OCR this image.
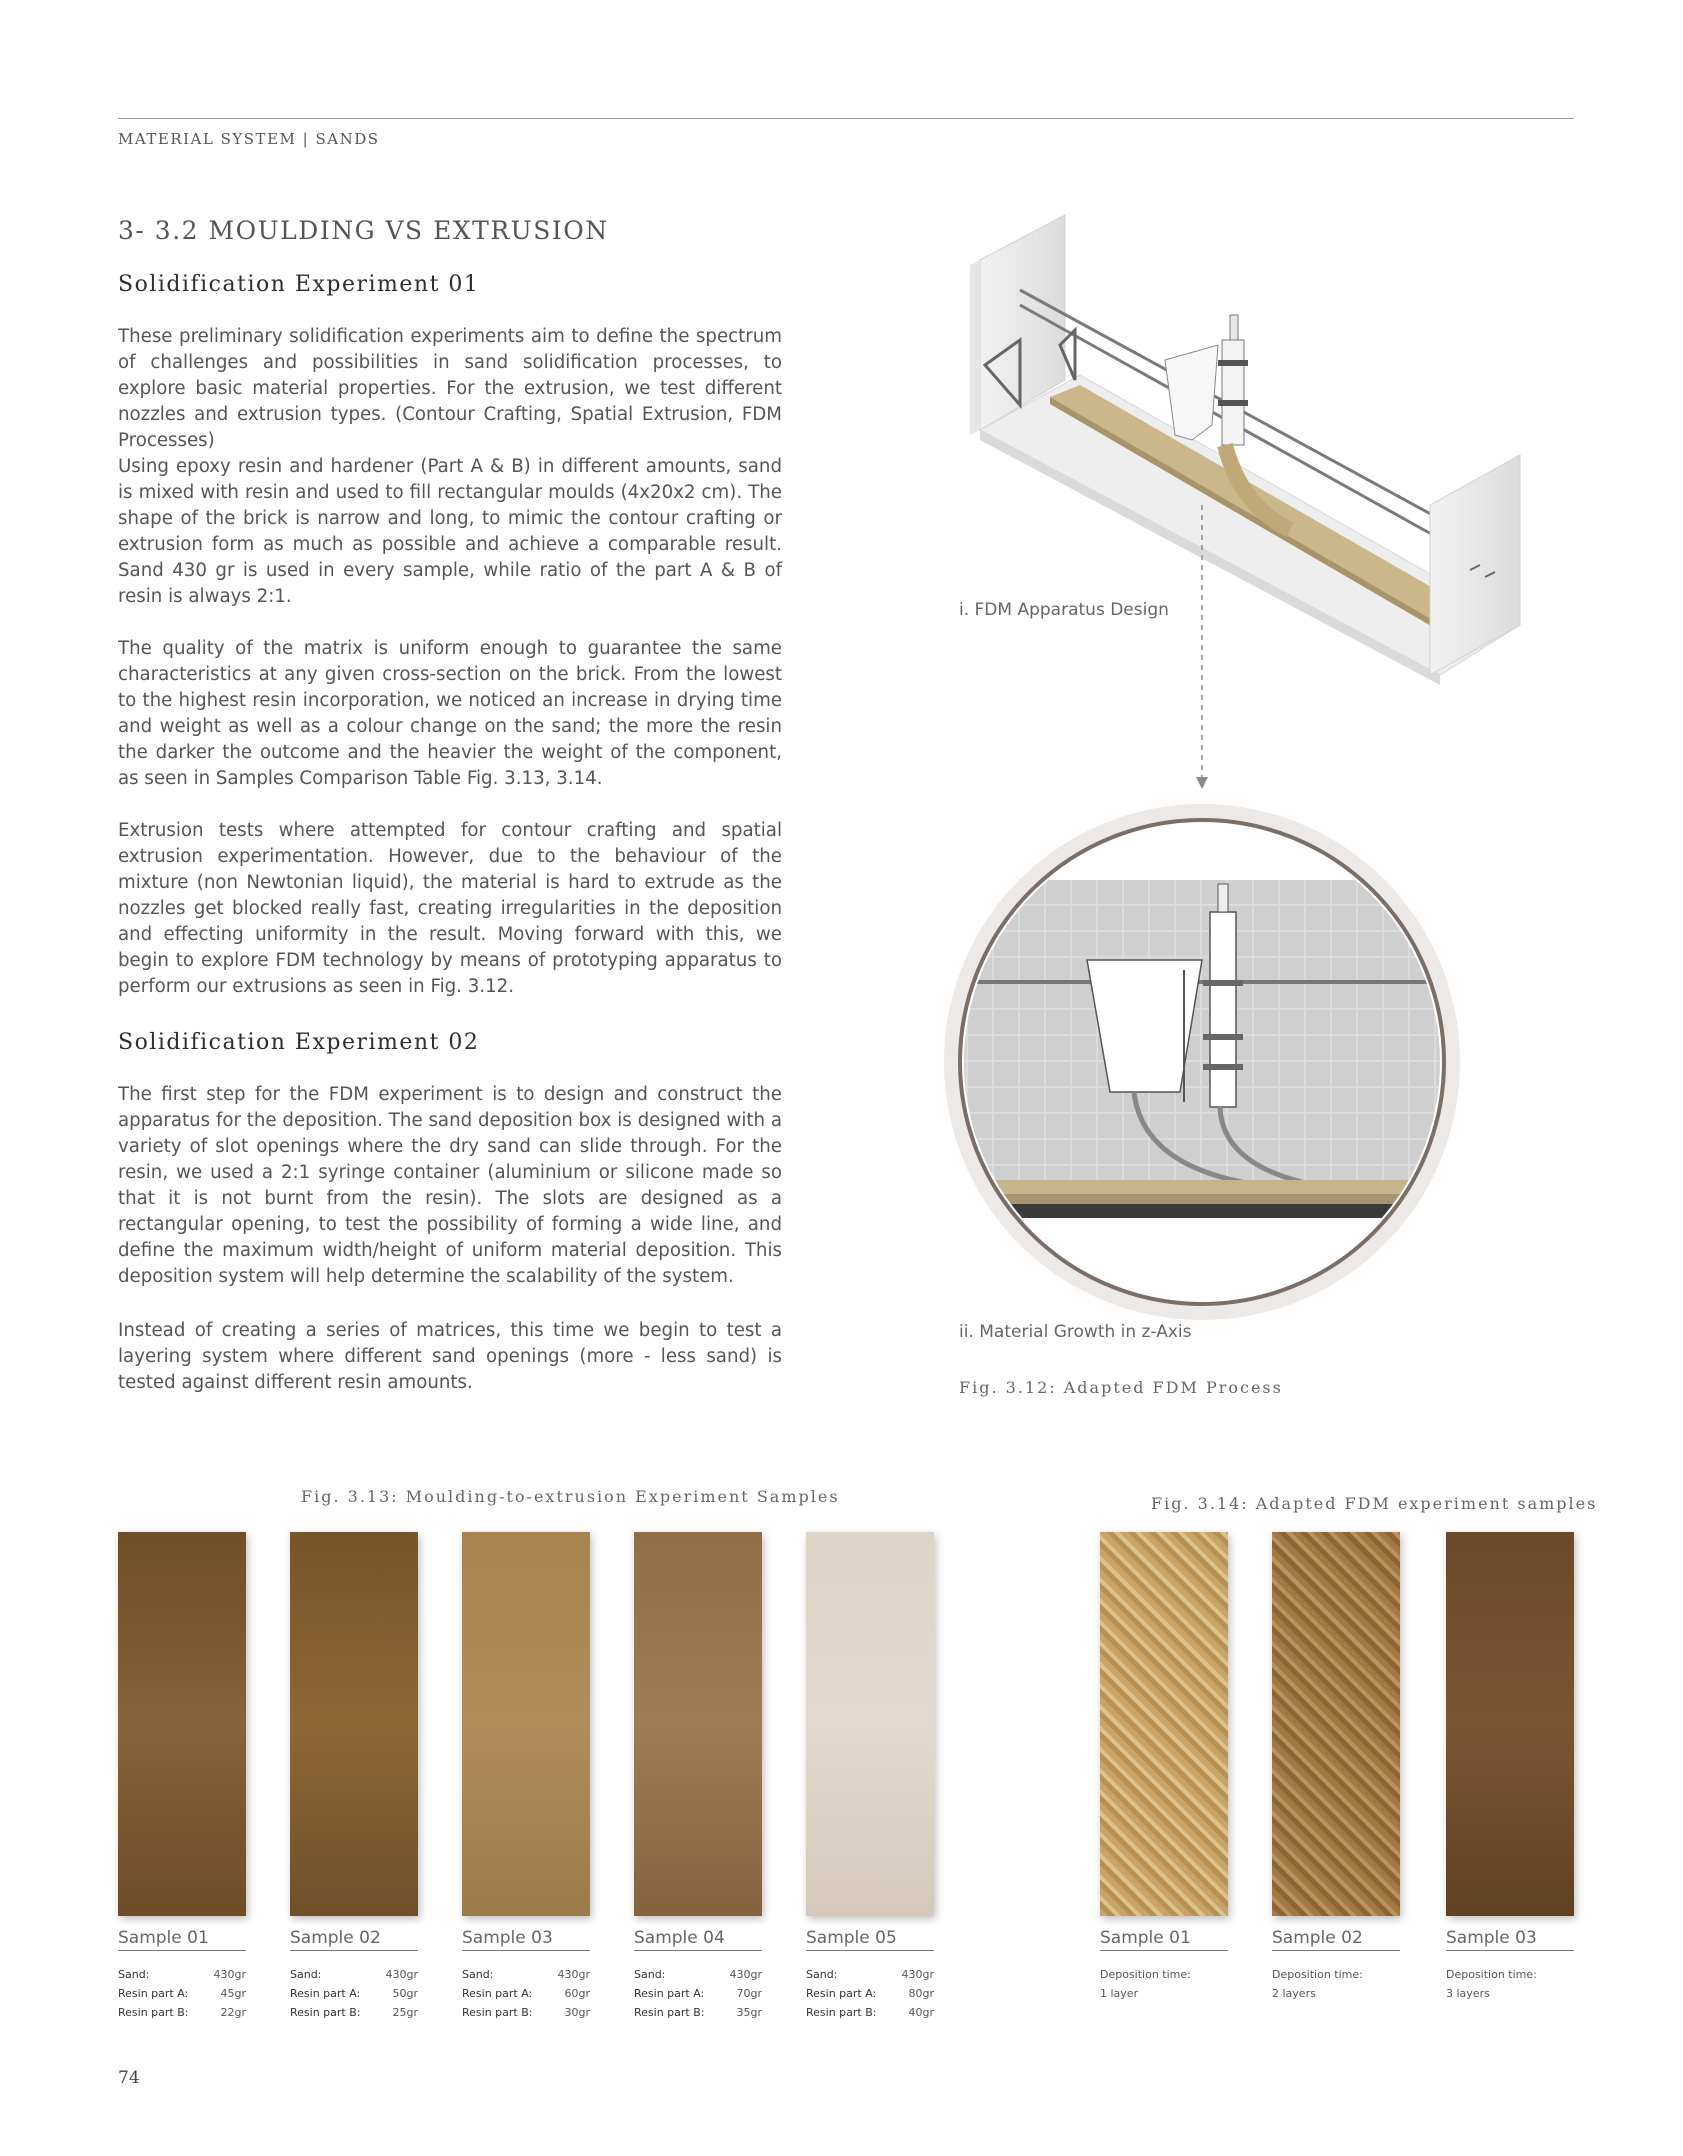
MATERIAL SYSTEM | SANDS
3- 3.2 MOULDING VS EXTRUSION
Solidification Experiment 01

These preliminary solidification experiments aim to define the spectrum of challenges and possibilities in sand solidification processes, to explore basic material properties. For the extrusion, we test different nozzles and extrusion types. (Contour Crafting, Spatial Extrusion, FDM Processes)

Using epoxy resin and hardener (Part A & B) in different amounts, sand is mixed with resin and used to fill rectangular moulds (4x20x2 cm). The shape of the brick is narrow and long, to mimic the contour crafting or extrusion form as much as possible and achieve a comparable result. Sand 430 gr is used in every sample, while ratio of the part A & B of resin is always 2:1.

The quality of the matrix is uniform enough to guarantee the same characteristics at any given cross-section on the brick. From the lowest to the highest resin incorporation, we noticed an increase in drying time and weight as well as a colour change on the sand; the more the resin the darker the outcome and the heavier the weight of the component, as seen in Samples Comparison Table Fig. 3.13, 3.14.

Extrusion tests where attempted for contour crafting and spatial extrusion experimentation. However, due to the behaviour of the mixture (non Newtonian liquid), the material is hard to extrude as the nozzles get blocked really fast, creating irregularities in the deposition and effecting uniformity in the result. Moving forward with this, we begin to explore FDM technology by means of prototyping apparatus to perform our extrusions as seen in Fig. 3.12.

Solidification Experiment 02

The first step for the FDM experiment is to design and construct the apparatus for the deposition. The sand deposition box is designed with a variety of slot openings where the dry sand can slide through. For the resin, we used a 2:1 syringe container (aluminium or silicone made so that it is not burnt from the resin). The slots are designed as a rectangular opening, to test the possibility of forming a wide line, and define the maximum width/height of uniform material deposition. This deposition system will help determine the scalability of the system.

Instead of creating a series of matrices, this time we begin to test a layering system where different sand openings (more - less sand) is tested against different resin amounts.

i. FDM Apparatus Design
ii. Material Growth in z-Axis
Fig. 3.12: Adapted FDM Process
Fig. 3.13: Moulding-to-extrusion Experiment Samples	Fig. 3.14: Adapted FDM experiment samples
Sample 01	Sample 02	Sample 03	Sample 04	Sample 05
Sand:	430gr
Resin part A:	45gr
Resin part B:	22gr
Sand:	430gr
Resin part A:	50gr
Resin part B:	25gr
Sand:	430gr
Resin part A:	60gr
Resin part B:	30gr
Sand:	430gr
Resin part A:	70gr
Resin part B:	35gr
Sand:	430gr
Resin part A:	80gr
Resin part B:	40gr
Sample 01	Sample 02	Sample 03
Deposition time:
1 layer
Deposition time:
2 layers
Deposition time:
3 layers
74
